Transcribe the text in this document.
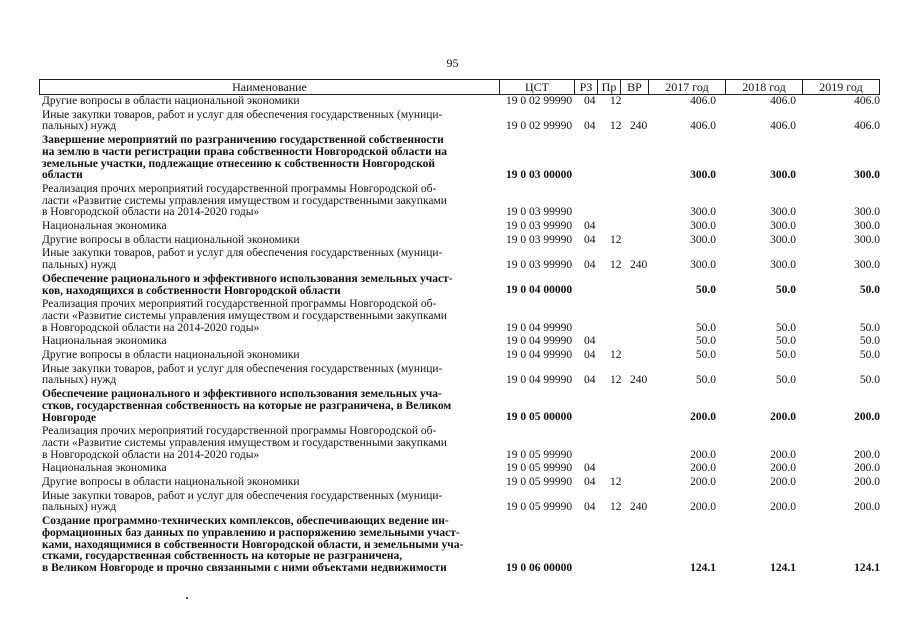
95
Наименование	ЦСТ	РЗ Пр ВР	2017 год	2018 год	2019 год
Другие вопросы в области национальной экономики	19 0 02 99990 04 12	406.0	406.0	406.0
Иные закупки товаров, работ и услуг для обеспечения государственных (муници-
пальных) нужд	19 0 02 99990 04 12 240	406.0	406.0	406.0
Завершение мероприятий по разграничению государственной собственности
на землю в части регистрации права собственности Новгородской области на
земельные участки, подлежащие отнесению к собственности Новгородской
области	19 0 03 00000	300.0	300.0	300.0
Реализация прочих мероприятий государственной программы Новгородской об-
ласти «Развитие системы управления имуществом и государственными закупками
в Новгородской области на 2014-2020 годы»	19 0 03 99990	300.0	300.0	300.0
Национальная экономика	19 0 03 99990 04	300.0	300.0	300.0
Другие вопросы в области национальной экономики	19 0 03 99990 04 12	300.0	300.0	300.0
Иные закупки товаров, работ и услуг для обеспечения государственных (муници-
пальных) нужд	19 0 03 99990 04 12 240	300.0	300.0	300.0
Обеспечение рационального и эффективного использования земельных участ-
ков, находящихся в собственности Новгородской области	19 0 04 00000	50.0	50.0	50.0
Реализация прочих мероприятий государственной программы Новгородской об-
ласти «Развитие системы управления имуществом и государственными закупками
в Новгородской области на 2014-2020 годы»	19 0 04 99990	50.0	50.0	50.0
Национальная экономика	19 0 04 99990 04	50.0	50.0	50.0
Другие вопросы в области национальной экономики	19 0 04 99990 04 12	50.0	50.0	50.0
Иные закупки товаров, работ и услуг для обеспечения государственных (муници-
пальных) нужд	19 0 04 99990 04 12 240	50.0	50.0	50.0
Обеспечение рационального и эффективного использования земельных уча-
стков, государственная собственность на которые не разграничена, в Великом
Новгороде	19 0 05 00000	200.0	200.0	200.0
Реализация прочих мероприятий государственной программы Новгородской об-
ласти «Развитие системы управления имуществом и государственными закупками
в Новгородской области на 2014-2020 годы»	19 0 05 99990	200.0	200.0	200.0
Национальная экономика	19 0 05 99990 04	200.0	200.0	200.0
Другие вопросы в области национальной экономики	19 0 05 99990 04 12	200.0	200.0	200.0
Иные закупки товаров, работ и услуг для обеспечения государственных (муници-
пальных) нужд	19 0 05 99990 04 12 240	200.0	200.0	200.0
Создание программно-технических комплексов, обеспечивающих ведение ин-
формационных баз данных по управлению и распоряжению земельными участ-
ками, находящимися в собственности Новгородской области, и земельными уча-
стками, государственная собственность на которые не разграничена,
в Великом Новгороде и прочно связанными с ними объектами недвижимости	19 0 06 00000	124.1	124.1	124.1
